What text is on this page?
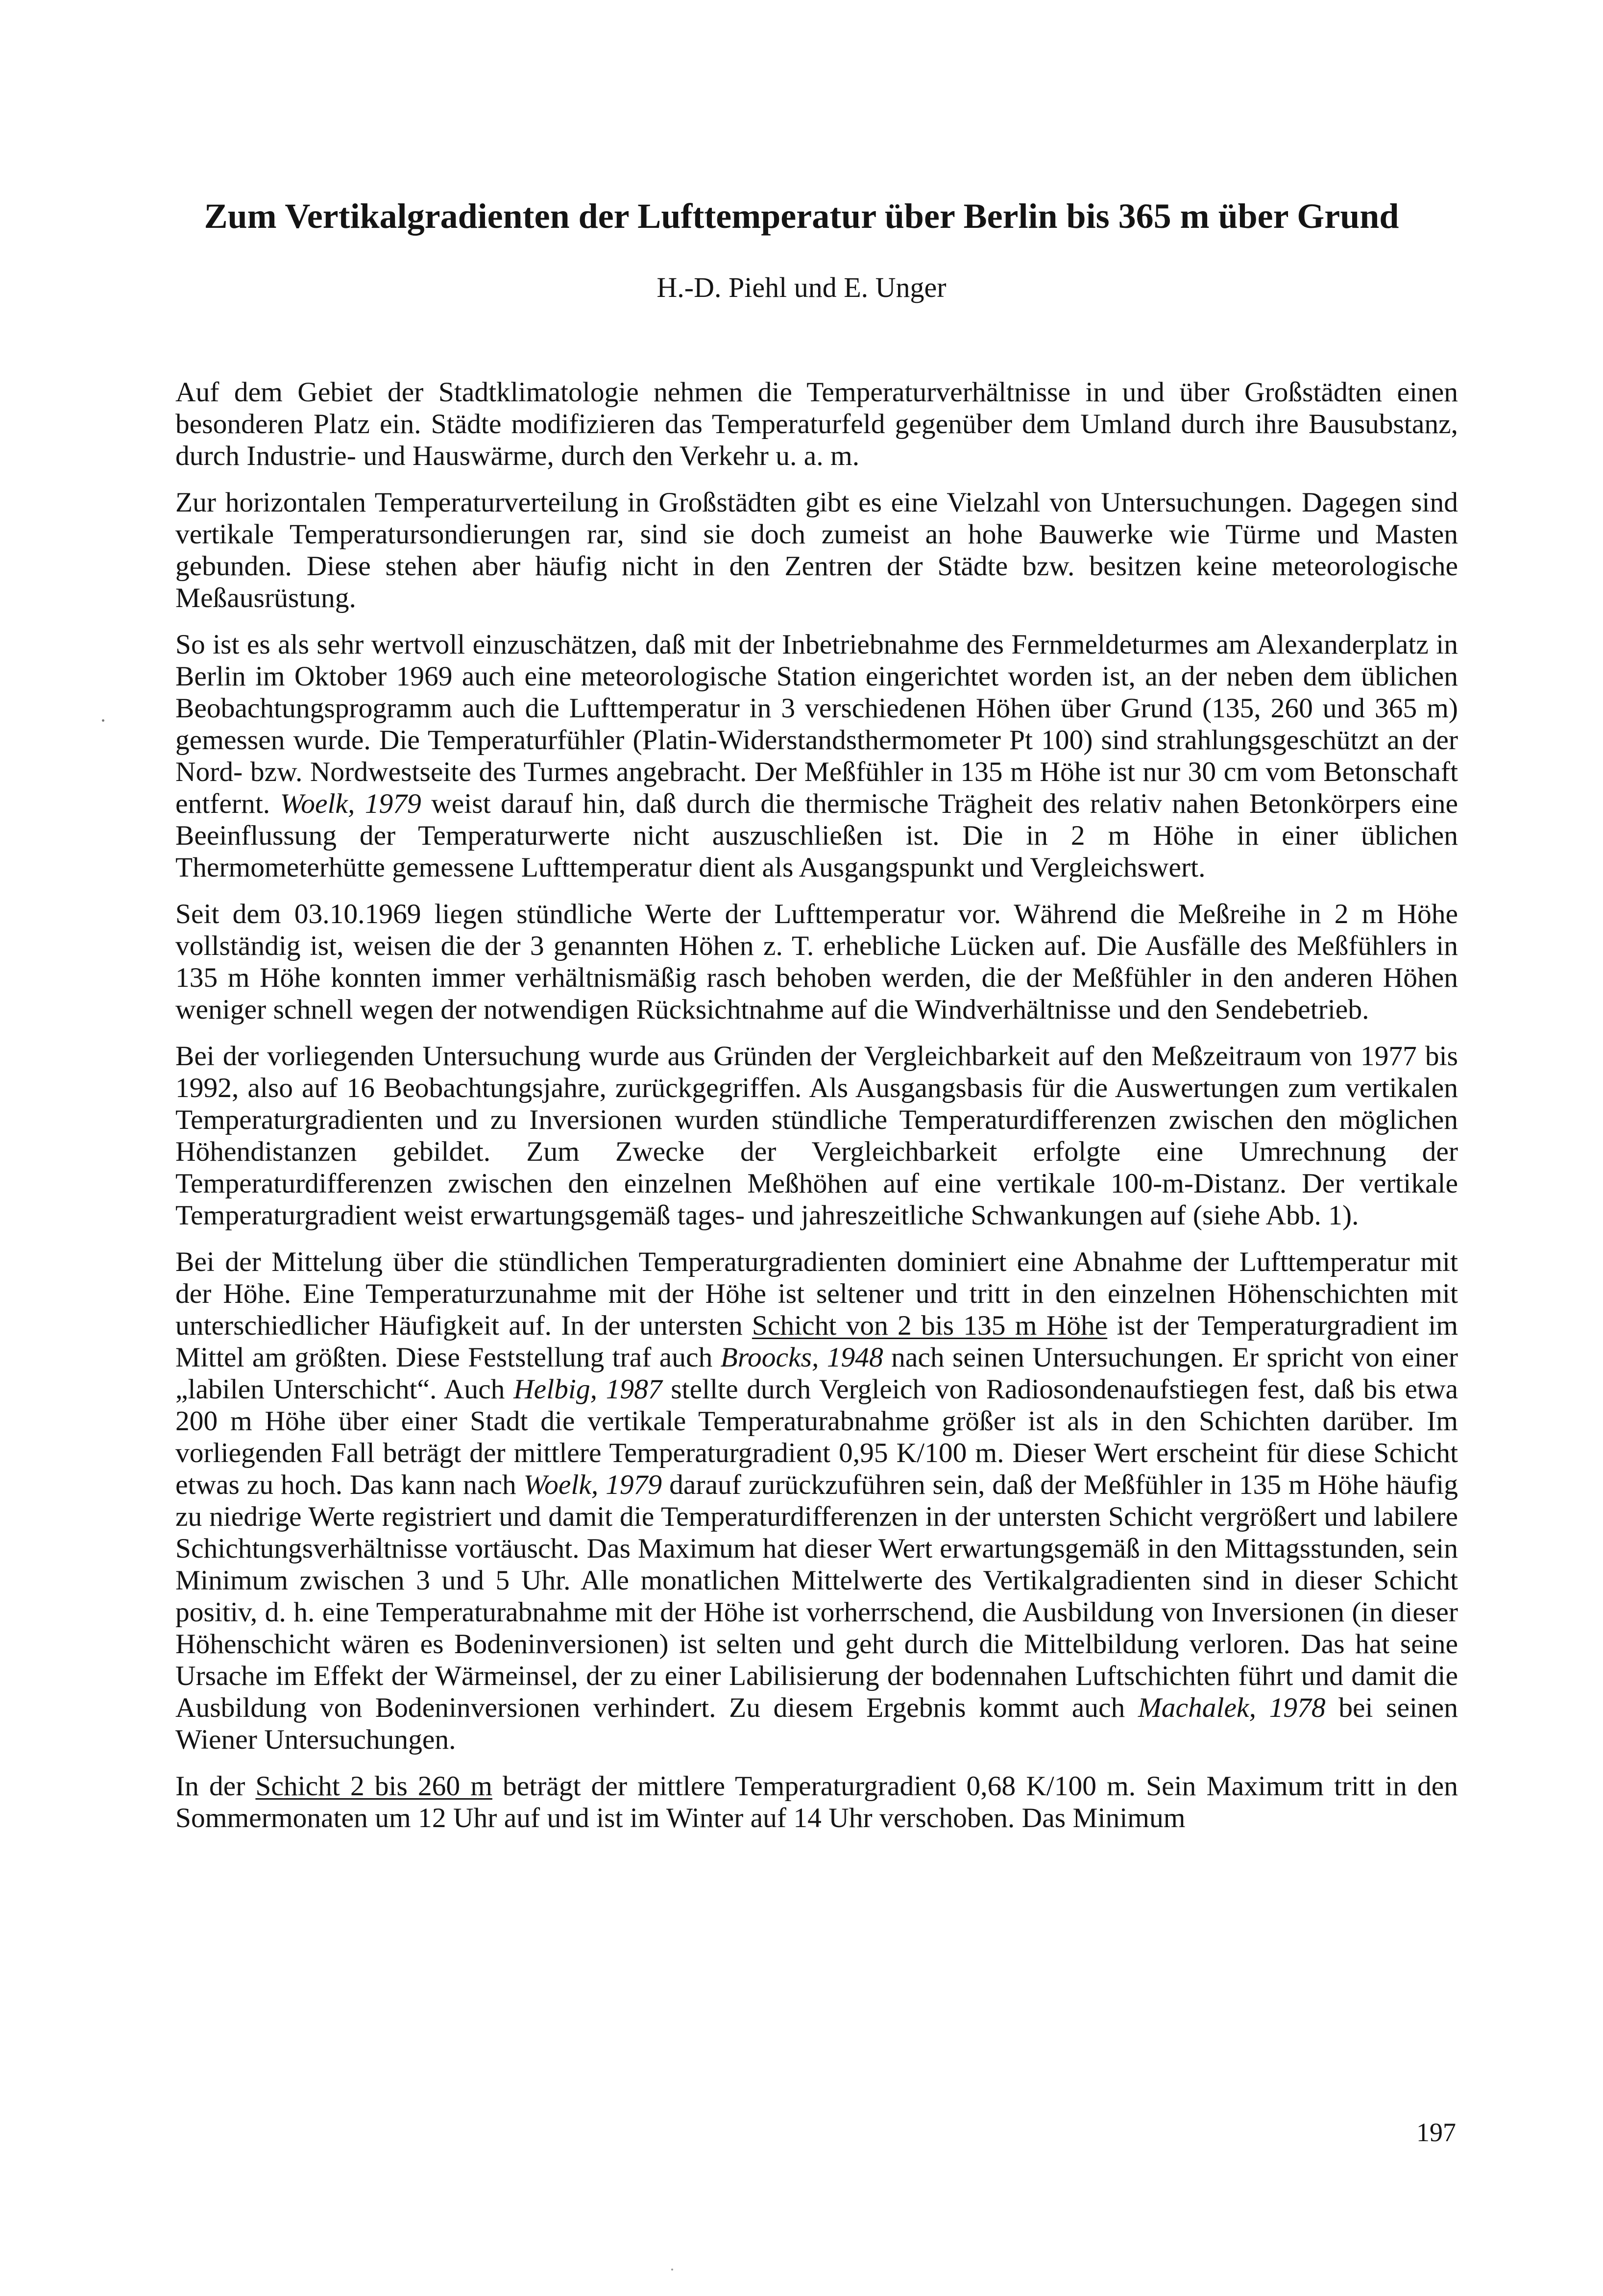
Zum Vertikalgradienten der Lufttemperatur über Berlin bis 365 m über Grund

H.-D. Piehl und E. Unger

Auf dem Gebiet der Stadtklimatologie nehmen die Temperaturverhältnisse in und über Großstädten einen besonderen Platz ein. Städte modifizieren das Temperaturfeld gegenüber dem Umland durch ihre Bausubstanz, durch Industrie- und Hauswärme, durch den Verkehr u. a. m.

Zur horizontalen Temperaturverteilung in Großstädten gibt es eine Vielzahl von Untersuchungen. Dagegen sind vertikale Temperatursondierungen rar, sind sie doch zumeist an hohe Bauwerke wie Türme und Masten gebunden. Diese stehen aber häufig nicht in den Zentren der Städte bzw. besitzen keine meteorologische Meßausrüstung.

So ist es als sehr wertvoll einzuschätzen, daß mit der Inbetriebnahme des Fernmeldeturmes am Alexanderplatz in Berlin im Oktober 1969 auch eine meteorologische Station eingerichtet worden ist, an der neben dem üblichen Beobachtungsprogramm auch die Lufttemperatur in 3 verschiedenen Höhen über Grund (135, 260 und 365 m) gemessen wurde. Die Temperaturfühler (Platin-Widerstandsthermometer Pt 100) sind strahlungsgeschützt an der Nord- bzw. Nordwestseite des Turmes angebracht. Der Meßfühler in 135 m Höhe ist nur 30 cm vom Betonschaft entfernt. Woelk, 1979 weist darauf hin, daß durch die thermische Trägheit des relativ nahen Betonkörpers eine Beeinflussung der Temperaturwerte nicht auszuschließen ist. Die in 2 m Höhe in einer üblichen Thermometerhütte gemessene Lufttemperatur dient als Ausgangspunkt und Vergleichswert.

Seit dem 03.10.1969 liegen stündliche Werte der Lufttemperatur vor. Während die Meßreihe in 2 m Höhe vollständig ist, weisen die der 3 genannten Höhen z. T. erhebliche Lücken auf. Die Ausfälle des Meßfühlers in 135 m Höhe konnten immer verhältnismäßig rasch behoben werden, die der Meßfühler in den anderen Höhen weniger schnell wegen der notwendigen Rücksichtnahme auf die Windverhältnisse und den Sendebetrieb.

Bei der vorliegenden Untersuchung wurde aus Gründen der Vergleichbarkeit auf den Meßzeitraum von 1977 bis 1992, also auf 16 Beobachtungsjahre, zurückgegriffen. Als Ausgangsbasis für die Auswertungen zum vertikalen Temperaturgradienten und zu Inversionen wurden stündliche Temperaturdifferenzen zwischen den möglichen Höhendistanzen gebildet. Zum Zwecke der Vergleichbarkeit erfolgte eine Umrechnung der Temperaturdifferenzen zwischen den einzelnen Meßhöhen auf eine vertikale 100-m-Distanz. Der vertikale Temperaturgradient weist erwartungsgemäß tages- und jahreszeitliche Schwankungen auf (siehe Abb. 1).

Bei der Mittelung über die stündlichen Temperaturgradienten dominiert eine Abnahme der Lufttemperatur mit der Höhe. Eine Temperaturzunahme mit der Höhe ist seltener und tritt in den einzelnen Höhenschichten mit unterschiedlicher Häufigkeit auf. In der untersten Schicht von 2 bis 135 m Höhe ist der Temperaturgradient im Mittel am größten. Diese Feststellung traf auch Broocks, 1948 nach seinen Untersuchungen. Er spricht von einer „labilen Unterschicht“. Auch Helbig, 1987 stellte durch Vergleich von Radiosondenaufstiegen fest, daß bis etwa 200 m Höhe über einer Stadt die vertikale Temperaturabnahme größer ist als in den Schichten darüber. Im vorliegenden Fall beträgt der mittlere Temperaturgradient 0,95 K/100 m. Dieser Wert erscheint für diese Schicht etwas zu hoch. Das kann nach Woelk, 1979 darauf zurückzuführen sein, daß der Meßfühler in 135 m Höhe häufig zu niedrige Werte registriert und damit die Temperaturdifferenzen in der untersten Schicht vergrößert und labilere Schichtungsverhältnisse vortäuscht. Das Maximum hat dieser Wert erwartungsgemäß in den Mittagsstunden, sein Minimum zwischen 3 und 5 Uhr. Alle monatlichen Mittelwerte des Vertikalgradienten sind in dieser Schicht positiv, d. h. eine Temperaturabnahme mit der Höhe ist vorherrschend, die Ausbildung von Inversionen (in dieser Höhenschicht wären es Bodeninversionen) ist selten und geht durch die Mittelbildung verloren. Das hat seine Ursache im Effekt der Wärmeinsel, der zu einer Labilisierung der bodennahen Luftschichten führt und damit die Ausbildung von Bodeninversionen verhindert. Zu diesem Ergebnis kommt auch Machalek, 1978 bei seinen Wiener Untersuchungen.

In der Schicht 2 bis 260 m beträgt der mittlere Temperaturgradient 0,68 K/100 m. Sein Maximum tritt in den Sommermonaten um 12 Uhr auf und ist im Winter auf 14 Uhr verschoben. Das Minimum

197
